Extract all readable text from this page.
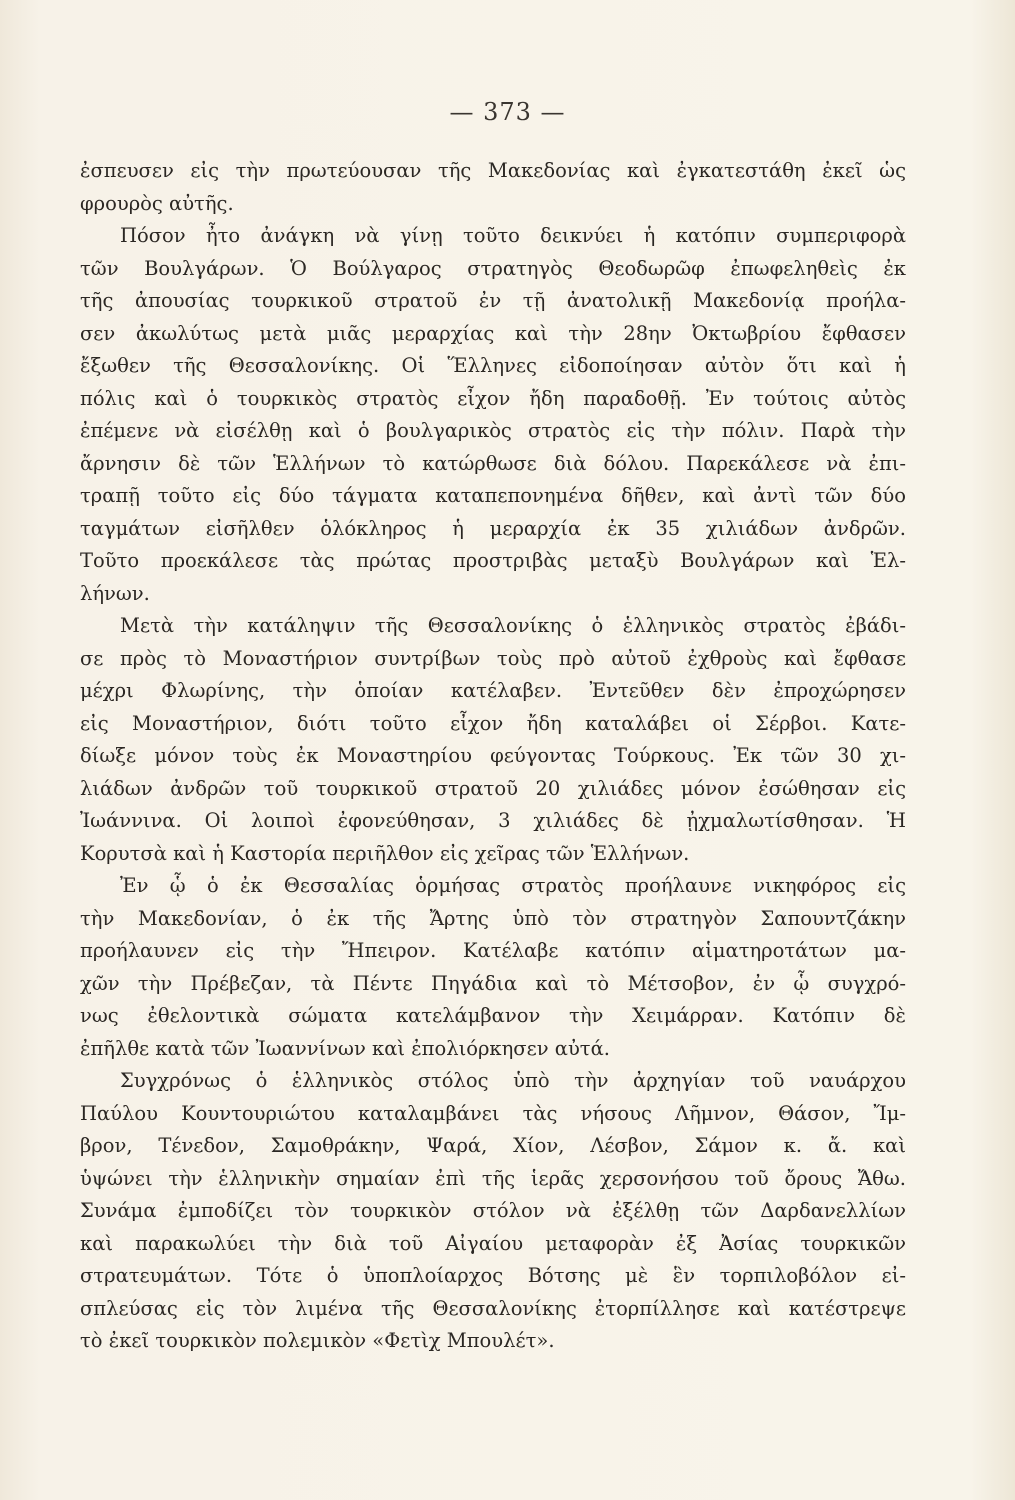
— 373 —
ἐσπευσεν εἰς τὴν πρωτεύουσαν τῆς Μακεδονίας καὶ ἐγκατεστάθη ἐκεῖ ὡς
φρουρὸς αὐτῆς.
Πόσον ἦτο ἀνάγκη νὰ γίνῃ τοῦτο δεικνύει ἡ κατόπιν συμπεριφορὰ
τῶν Βουλγάρων. Ὁ Βούλγαρος στρατηγὸς Θεοδωρῶφ ἐπωφεληθεὶς ἐκ
τῆς ἀπουσίας τουρκικοῦ στρατοῦ ἐν τῇ ἀνατολικῇ Μακεδονίᾳ προήλα-
σεν ἀκωλύτως μετὰ μιᾶς μεραρχίας καὶ τὴν 28ην Ὀκτωβρίου ἔφθασεν
ἔξωθεν τῆς Θεσσαλονίκης. Οἱ Ἕλληνες εἰδοποίησαν αὐτὸν ὅτι καὶ ἡ
πόλις καὶ ὁ τουρκικὸς στρατὸς εἶχον ἤδη παραδοθῇ. Ἐν τούτοις αὐτὸς
ἐπέμενε νὰ εἰσέλθῃ καὶ ὁ βουλγαρικὸς στρατὸς εἰς τὴν πόλιν. Παρὰ τὴν
ἄρνησιν δὲ τῶν Ἑλλήνων τὸ κατώρθωσε διὰ δόλου. Παρεκάλεσε νὰ ἐπι-
τραπῇ τοῦτο εἰς δύο τάγματα καταπεπονημένα δῆθεν, καὶ ἀντὶ τῶν δύο
ταγμάτων εἰσῆλθεν ὁλόκληρος ἡ μεραρχία ἐκ 35 χιλιάδων ἀνδρῶν.
Τοῦτο προεκάλεσε τὰς πρώτας προστριβὰς μεταξὺ Βουλγάρων καὶ Ἑλ-
λήνων.
Μετὰ τὴν κατάληψιν τῆς Θεσσαλονίκης ὁ ἑλληνικὸς στρατὸς ἐβάδι-
σε πρὸς τὸ Μοναστήριον συντρίβων τοὺς πρὸ αὐτοῦ ἐχθροὺς καὶ ἔφθασε
μέχρι Φλωρίνης, τὴν ὁποίαν κατέλαβεν. Ἐντεῦθεν δὲν ἐπροχώρησεν
εἰς Μοναστήριον, διότι τοῦτο εἶχον ἤδη καταλάβει οἱ Σέρβοι. Κατε-
δίωξε μόνον τοὺς ἐκ Μοναστηρίου φεύγοντας Τούρκους. Ἐκ τῶν 30 χι-
λιάδων ἀνδρῶν τοῦ τουρκικοῦ στρατοῦ 20 χιλιάδες μόνον ἐσώθησαν εἰς
Ἰωάννινα. Οἱ λοιποὶ ἐφονεύθησαν, 3 χιλιάδες δὲ ᾐχμαλωτίσθησαν. Ἡ
Κορυτσὰ καὶ ἡ Καστορία περιῆλθον εἰς χεῖρας τῶν Ἑλλήνων.
Ἐν ᾧ ὁ ἐκ Θεσσαλίας ὁρμήσας στρατὸς προήλαυνε νικηφόρος εἰς
τὴν Μακεδονίαν, ὁ ἐκ τῆς Ἄρτης ὑπὸ τὸν στρατηγὸν Σαπουντζάκην
προήλαυνεν εἰς τὴν Ἤπειρον. Κατέλαβε κατόπιν αἱματηροτάτων μα-
χῶν τὴν Πρέβεζαν, τὰ Πέντε Πηγάδια καὶ τὸ Μέτσοβον, ἐν ᾧ συγχρό-
νως ἐθελοντικὰ σώματα κατελάμβανον τὴν Χειμάρραν. Κατόπιν δὲ
ἐπῆλθε κατὰ τῶν Ἰωαννίνων καὶ ἐπολιόρκησεν αὐτά.
Συγχρόνως ὁ ἑλληνικὸς στόλος ὑπὸ τὴν ἀρχηγίαν τοῦ ναυάρχου
Παύλου Κουντουριώτου καταλαμβάνει τὰς νήσους Λῆμνον, Θάσον, Ἴμ-
βρον, Τένεδον, Σαμοθράκην, Ψαρά, Χίον, Λέσβον, Σάμον κ. ἄ. καὶ
ὑψώνει τὴν ἑλληνικὴν σημαίαν ἐπὶ τῆς ἱερᾶς χερσονήσου τοῦ ὄρους Ἄθω.
Συνάμα ἐμποδίζει τὸν τουρκικὸν στόλον νὰ ἐξέλθῃ τῶν Δαρδανελλίων
καὶ παρακωλύει τὴν διὰ τοῦ Αἰγαίου μεταφορὰν ἐξ Ἀσίας τουρκικῶν
στρατευμάτων. Τότε ὁ ὑποπλοίαρχος Βότσης μὲ ἓν τορπιλοβόλον εἰ-
σπλεύσας εἰς τὸν λιμένα τῆς Θεσσαλονίκης ἐτορπίλλησε καὶ κατέστρεψε
τὸ ἐκεῖ τουρκικὸν πολεμικὸν «Φετὶχ Μπουλέτ».
